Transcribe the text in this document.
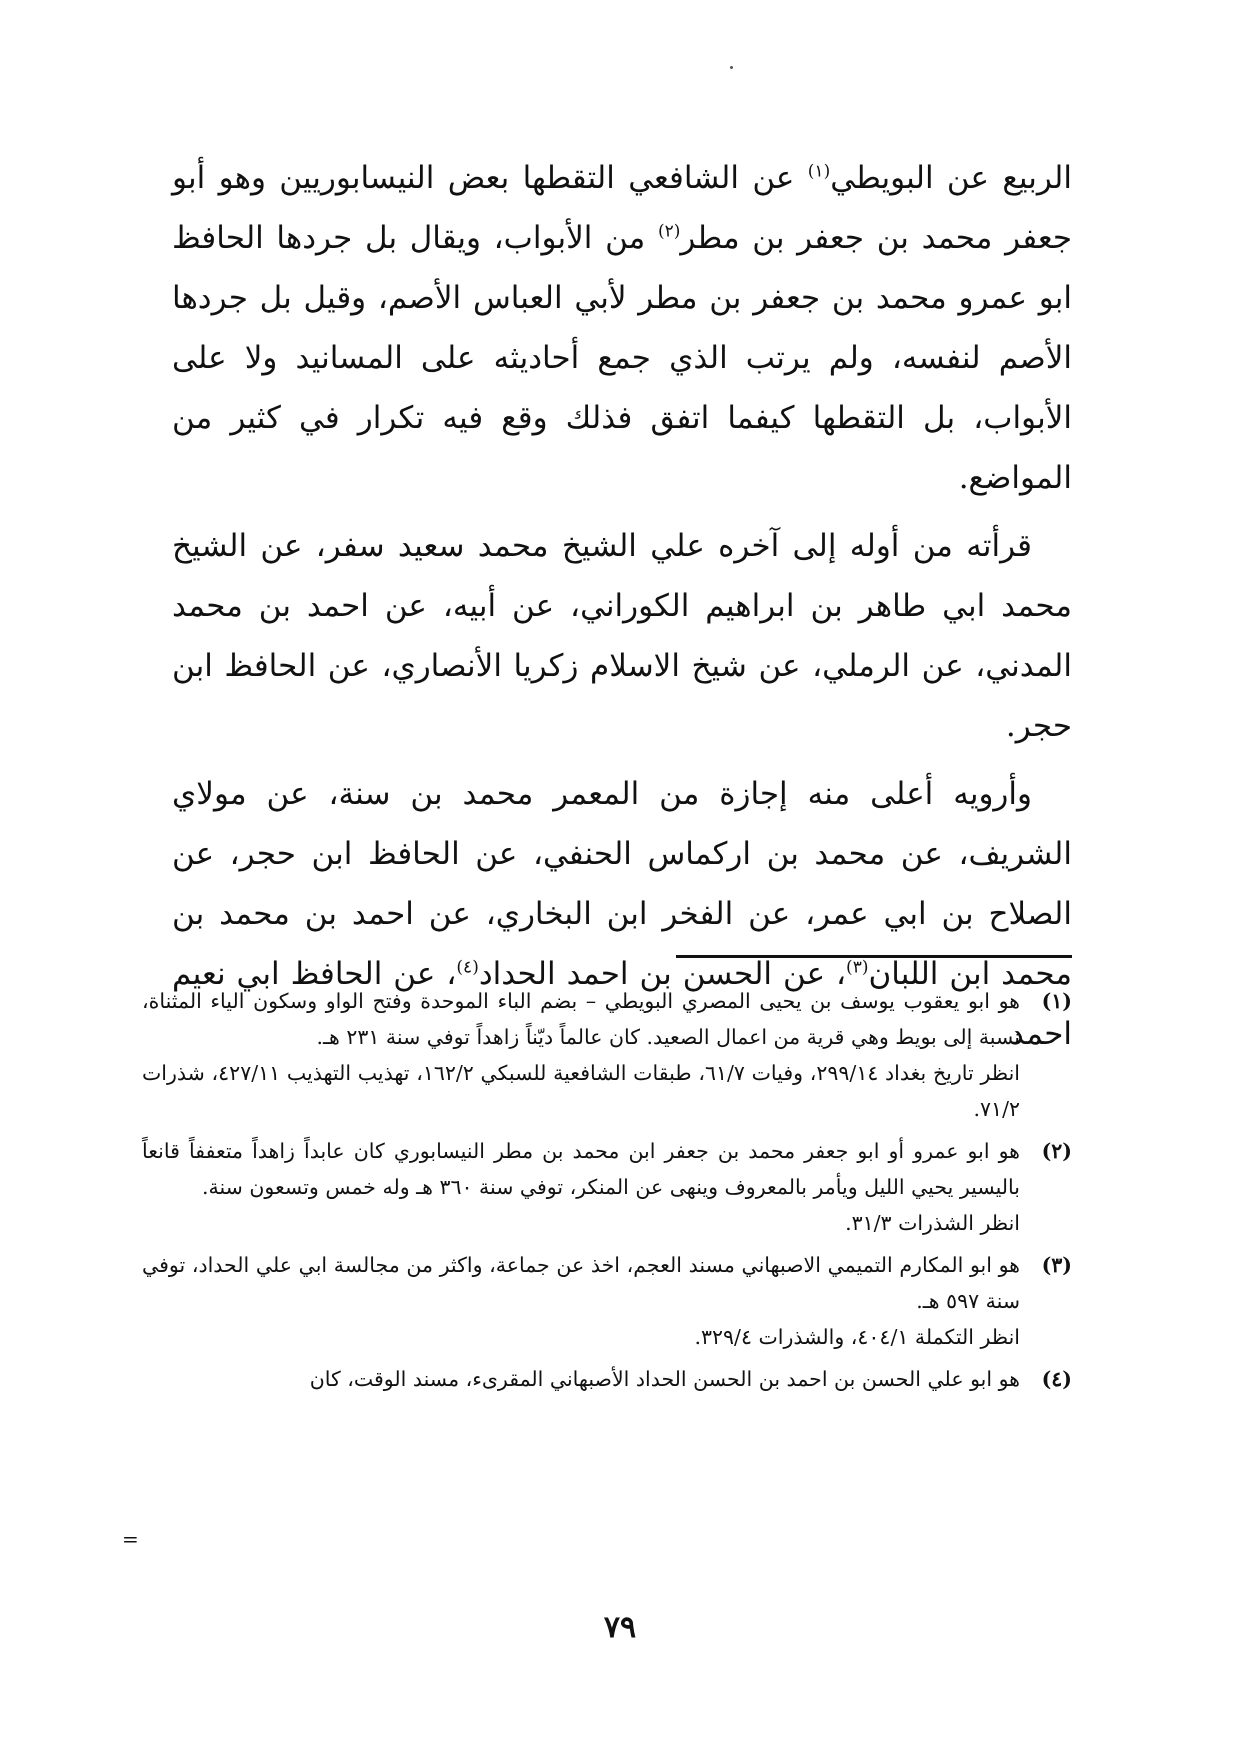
الربيع عن البويطي$^{(١)}$ عن الشافعي التقطها بعض النيسابوريين وهو أبو جعفر محمد بن جعفر بن مطر$^{(٢)}$ من الأبواب، ويقال بل جردها الحافظ ابو عمرو محمد بن جعفر بن مطر لأبي العباس الأصم، وقيل بل جردها الأصم لنفسه، ولم يرتب الذي جمع أحاديثه على المسانيد ولا على الأبواب، بل التقطها كيفما اتفق فذلك وقع فيه تكرار في كثير من المواضع.

قرأته من أوله إلى آخره علي الشيخ محمد سعيد سفر، عن الشيخ محمد ابي طاهر بن ابراهيم الكوراني، عن أبيه، عن احمد بن محمد المدني، عن الرملي، عن شيخ الاسلام زكريا الأنصاري، عن الحافظ ابن حجر.

وأرويه أعلى منه إجازة من المعمر محمد بن سنة، عن مولاي الشريف، عن محمد بن اركماس الحنفي، عن الحافظ ابن حجر، عن الصلاح بن ابي عمر، عن الفخر ابن البخاري، عن احمد بن محمد بن محمد ابن اللبان$^{(٣)}$، عن الحسن بن احمد الحداد$^{(٤)}$، عن الحافظ ابي نعيم احمد

(١)
هو ابو يعقوب يوسف بن يحيى المصري البويطي – بضم الباء الموحدة وفتح الواو وسكون الياء المثناة، نسبة إلى بويط وهي قرية من اعمال الصعيد. كان عالماً ديّناً زاهداً توفي سنة ٢٣١ هـ.
انظر تاريخ بغداد ٢٩٩/١٤، وفيات ٦١/٧، طبقات الشافعية للسبكي ١٦٢/٢، تهذيب التهذيب ٤٢٧/١١، شذرات ٧١/٢.
(٢)
هو ابو عمرو أو ابو جعفر محمد بن جعفر ابن محمد بن مطر النيسابوري كان عابداً زاهداً متعففاً قانعاً باليسير يحيي الليل ويأمر بالمعروف وينهى عن المنكر، توفي سنة ٣٦٠ هـ وله خمس وتسعون سنة.
انظر الشذرات ٣١/٣.
(٣)
هو ابو المكارم التميمي الاصبهاني مسند العجم، اخذ عن جماعة، واكثر من مجالسة ابي علي الحداد، توفي سنة ٥٩٧ هـ.
انظر التكملة ٤٠٤/١، والشذرات ٣٢٩/٤.
(٤)
هو ابو علي الحسن بن احمد بن الحسن الحداد الأصبهاني المقرىء، مسند الوقت، كان
=
٧٩
